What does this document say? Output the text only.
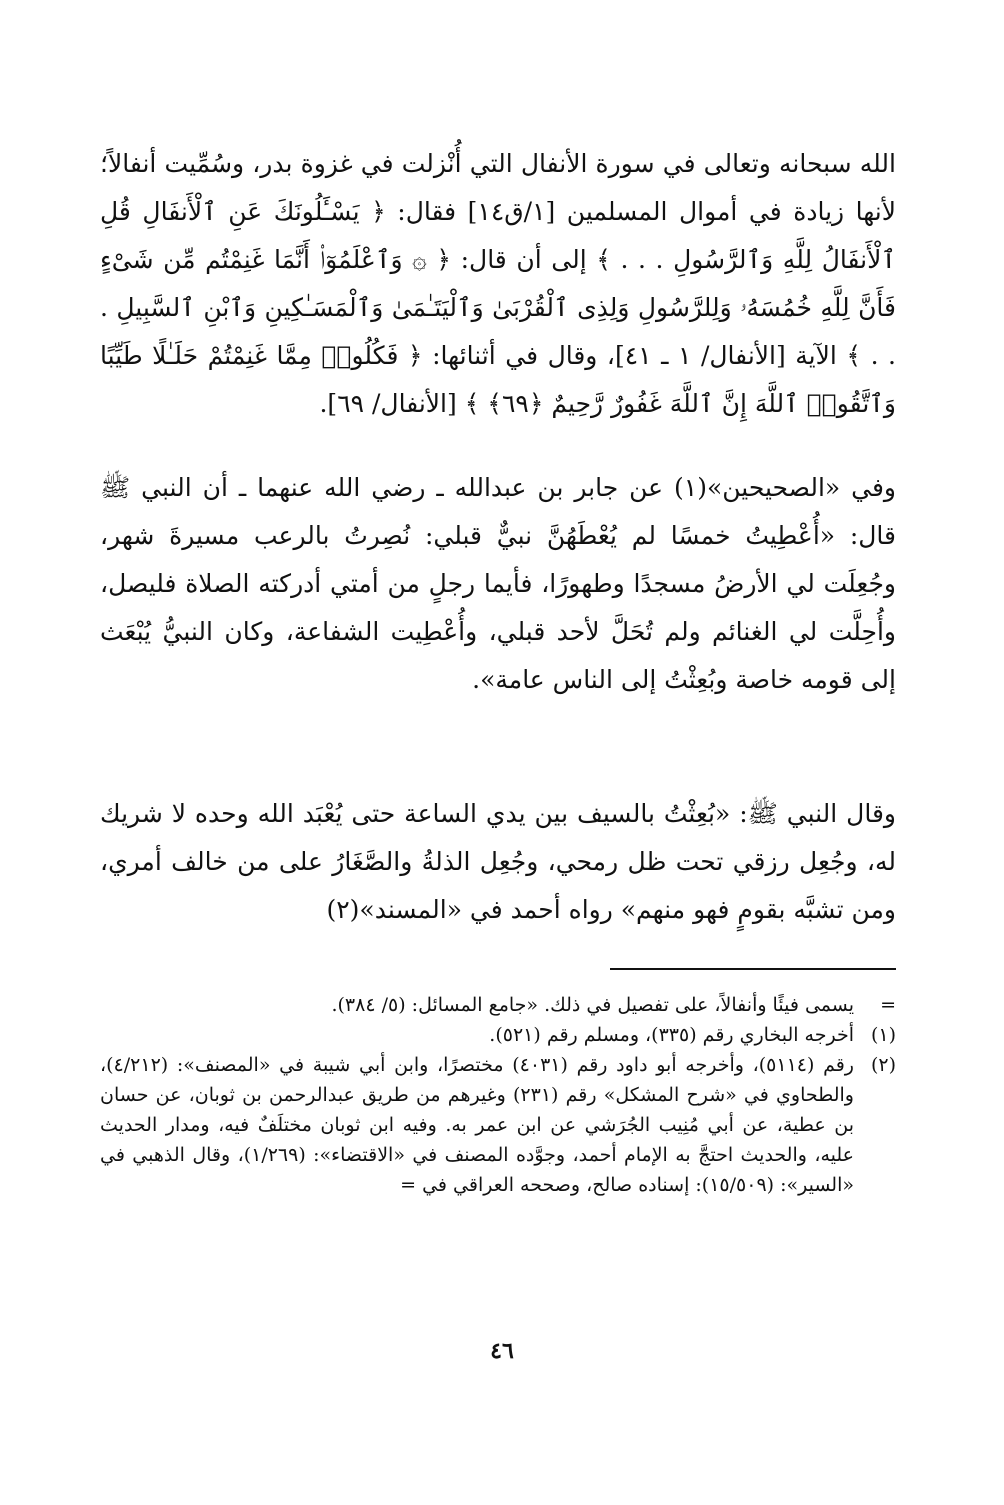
الله سبحانه وتعالى في سورة الأنفال التي أُنْزلت في غزوة بدر، وسُمِّيت أنفالاً؛ لأنها زيادة في أموال المسلمين [١/ق١٤] فقال: ﴿ يَسْـَٔلُونَكَ عَنِ ٱلْأَنفَالِ قُلِ ٱلْأَنفَالُ لِلَّهِ وَٱلرَّسُولِ . . . ﴾ إلى أن قال: ﴿ ۞ وَٱعْلَمُوٓا۟ أَنَّمَا غَنِمْتُم مِّن شَىْءٍ فَأَنَّ لِلَّهِ خُمُسَهُۥ وَلِلرَّسُولِ وَلِذِى ٱلْقُرْبَىٰ وَٱلْيَتَـٰمَىٰ وَٱلْمَسَـٰكِينِ وَٱبْنِ ٱلسَّبِيلِ . . . ﴾ الآية [الأنفال/ ١ ـ ٤١]، وقال في أثنائها: ﴿ فَكُلُوا۟ مِمَّا غَنِمْتُمْ حَلَـٰلًا طَيِّبًا وَٱتَّقُوا۟ ٱللَّهَ إِنَّ ٱللَّهَ غَفُورٌ رَّحِيمٌ ﴿٦٩﴾ ﴾ [الأنفال/ ٦٩].

وفي «الصحيحين»(١) عن جابر بن عبدالله ـ رضي الله عنهما ـ أن النبي ﷺ قال: «أُعْطِيتُ خمسًا لم يُعْطَهُنَّ نبيٌّ قبلي: نُصِرتُ بالرعب مسيرةَ شهر، وجُعِلَت لي الأرضُ مسجدًا وطهورًا، فأيما رجلٍ من أمتي أدركته الصلاة فليصل، وأُحِلَّت لي الغنائم ولم تُحَلَّ لأحد قبلي، وأُعْطِيت الشفاعة، وكان النبيُّ يُبْعَث إلى قومه خاصة وبُعِثْتُ إلى الناس عامة».

وقال النبي ﷺ: «بُعِثْتُ بالسيف بين يدي الساعة حتى يُعْبَد الله وحده لا شريك له، وجُعِل رزقي تحت ظل رمحي، وجُعِل الذلةُ والصَّغَارُ على من خالف أمري، ومن تشبَّه بقومٍ فهو منهم» رواه أحمد في «المسند»(٢)

=
يسمى فيئًا وأنفالاً، على تفصيل في ذلك. «جامع المسائل: (٥/ ٣٨٤).
(١)
أخرجه البخاري رقم (٣٣٥)، ومسلم رقم (٥٢١).
(٢)
رقم (٥١١٤)، وأخرجه أبو داود رقم (٤٠٣١) مختصرًا، وابن أبي شيبة في «المصنف»: (٤/٢١٢)، والطحاوي في «شرح المشكل» رقم (٢٣١) وغيرهم من طريق عبدالرحمن بن ثوبان، عن حسان بن عطية، عن أبي مُنِيب الجُرَشي عن ابن عمر به. وفيه ابن ثوبان مختلَفٌ فيه، ومدار الحديث عليه، والحديث احتجَّ به الإمام أحمد، وجوَّده المصنف في «الاقتضاء»: (١/٢٦٩)، وقال الذهبي في «السير»: (١٥/٥٠٩): إسناده صالح، وصححه العراقي في =
٤٦
